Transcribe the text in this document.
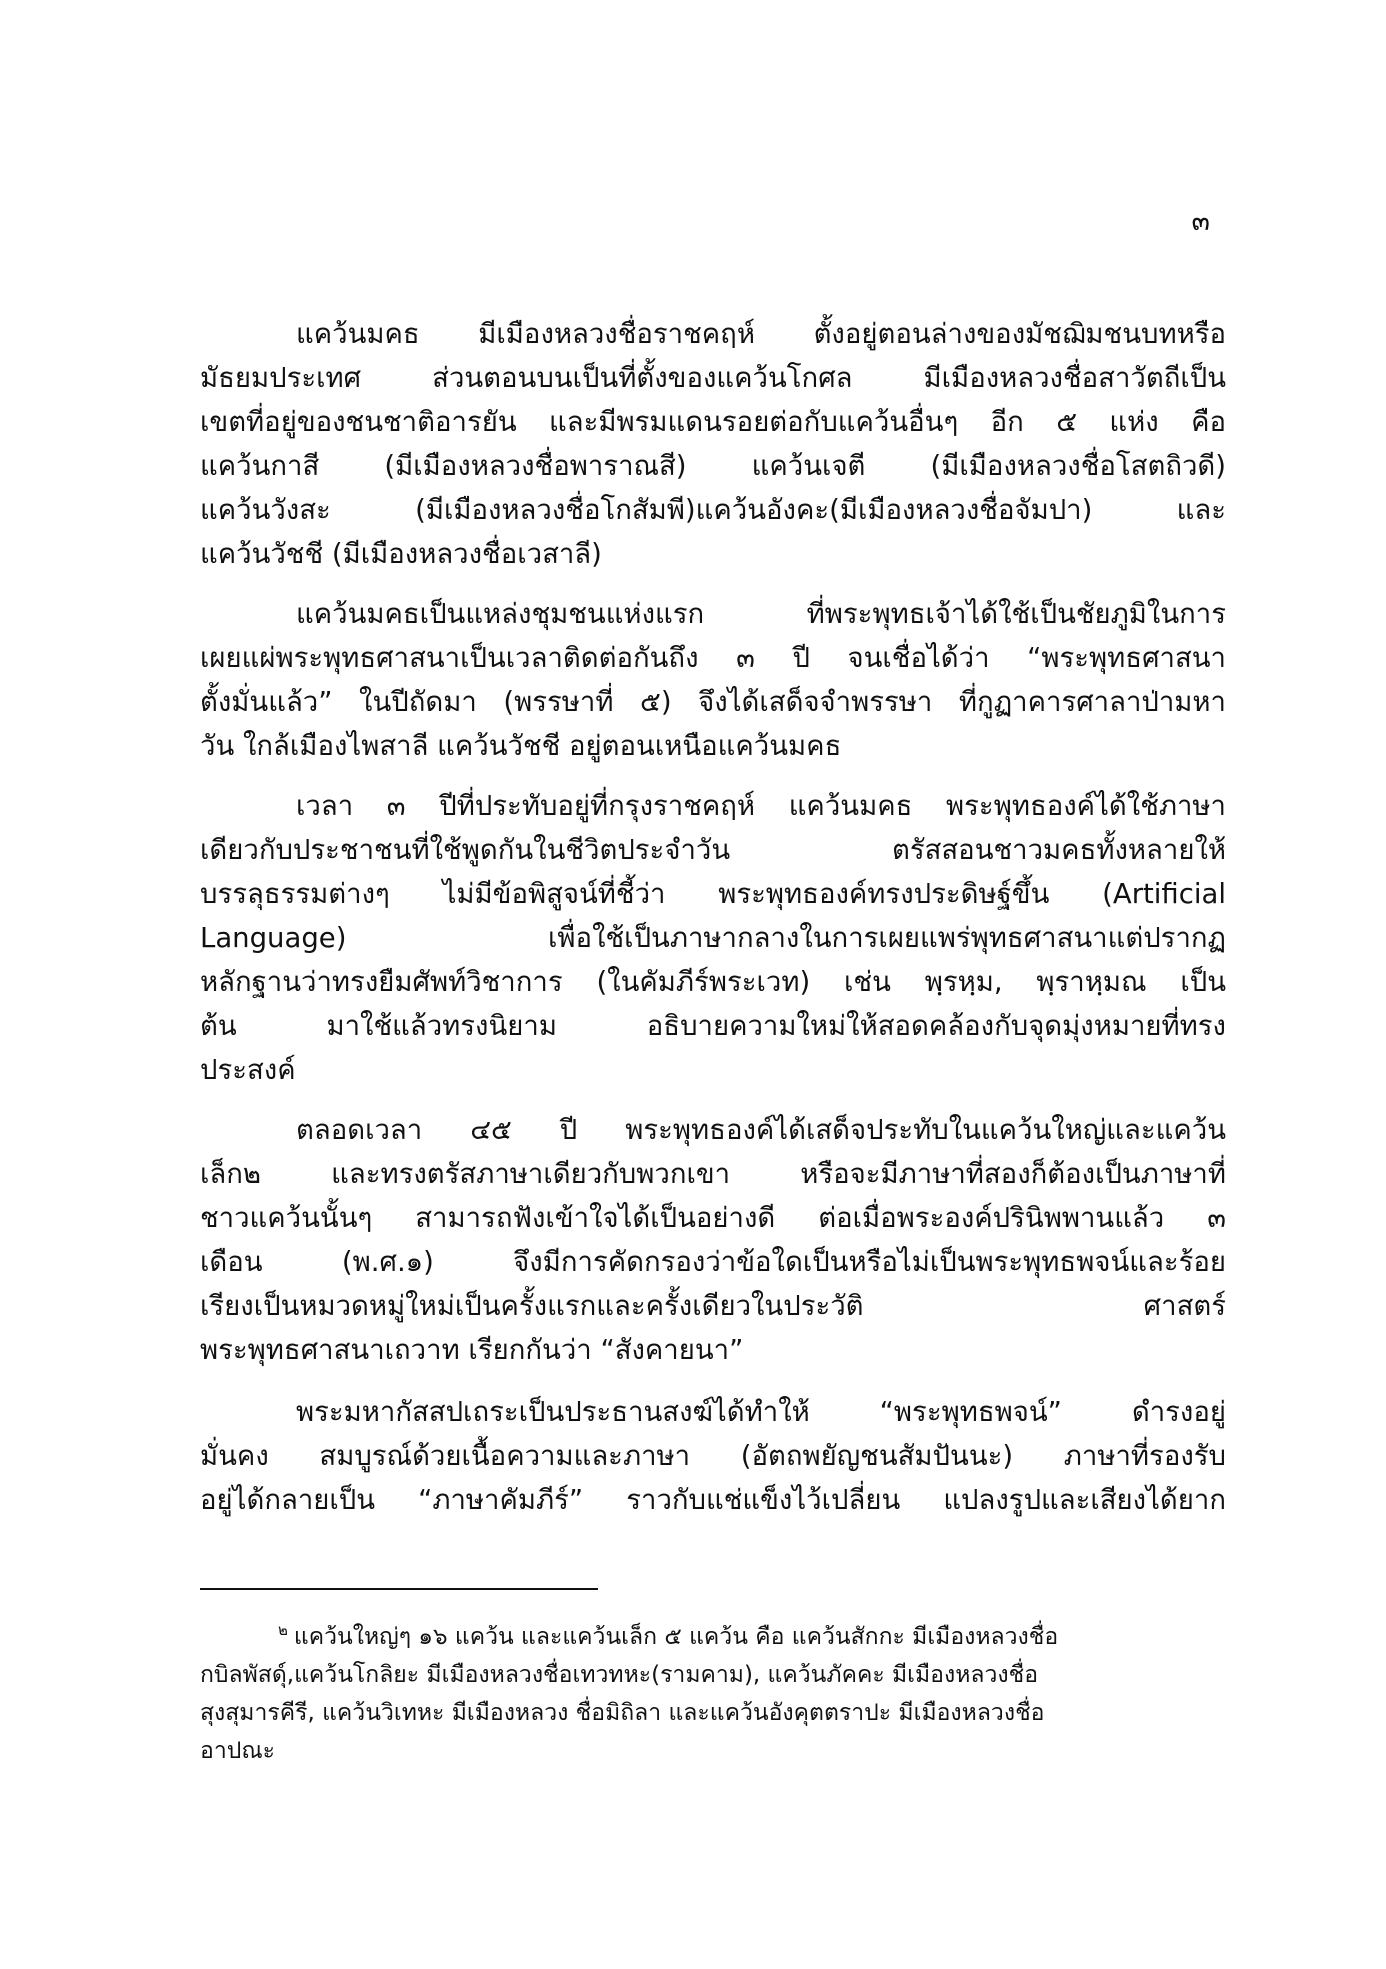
๓
แคว้นมคธ มีเมืองหลวงชื่อราชคฤห์ ตั้งอยู่ตอนล่างของมัชฌิมชนบทหรือ
มัธยมประเทศ ส่วนตอนบนเป็นที่ตั้งของแคว้นโกศล มีเมืองหลวงชื่อสาวัตถีเป็น
เขตที่อยู่ของชนชาติอารยัน และมีพรมแดนรอยต่อกับแคว้นอื่นๆ อีก ๕ แห่ง คือ
แคว้นกาสี (มีเมืองหลวงชื่อพาราณสี) แคว้นเจตี (มีเมืองหลวงชื่อโสตถิวดี)
แคว้นวังสะ (มีเมืองหลวงชื่อโกสัมพี)แคว้นอังคะ(มีเมืองหลวงชื่อจัมปา) และ
แคว้นวัชชี (มีเมืองหลวงชื่อเวสาลี)
แคว้นมคธเป็นแหล่งชุมชนแห่งแรก ที่พระพุทธเจ้าได้ใช้เป็นชัยภูมิในการ
เผยแผ่พระพุทธศาสนาเป็นเวลาติดต่อกันถึง ๓ ปี จนเชื่อได้ว่า “พระพุทธศาสนา
ตั้งมั่นแล้ว” ในปีถัดมา (พรรษาที่ ๕) จึงได้เสด็จจำพรรษา ที่กูฏาคารศาลาป่ามหา
วัน ใกล้เมืองไพสาลี แคว้นวัชชี อยู่ตอนเหนือแคว้นมคธ
เวลา ๓ ปีที่ประทับอยู่ที่กรุงราชคฤห์ แคว้นมคธ พระพุทธองค์ได้ใช้ภาษา
เดียวกับประชาชนที่ใช้พูดกันในชีวิตประจำวัน ตรัสสอนชาวมคธทั้งหลายให้
บรรลุธรรมต่างๆ ไม่มีข้อพิสูจน์ที่ชี้ว่า พระพุทธองค์ทรงประดิษฐ์ขึ้น (Artificial
Language) เพื่อใช้เป็นภาษากลางในการเผยแพร่พุทธศาสนาแต่ปรากฏ
หลักฐานว่าทรงยืมศัพท์วิชาการ (ในคัมภีร์พระเวท) เช่น พฺรหฺม, พฺราหฺมณ เป็น
ต้น มาใช้แล้วทรงนิยาม อธิบายความใหม่ให้สอดคล้องกับจุดมุ่งหมายที่ทรง
ประสงค์
ตลอดเวลา ๔๕ ปี พระพุทธองค์ได้เสด็จประทับในแคว้นใหญ่และแคว้น
เล็ก๒ และทรงตรัสภาษาเดียวกับพวกเขา หรือจะมีภาษาที่สองก็ต้องเป็นภาษาที่
ชาวแคว้นนั้นๆ สามารถฟังเข้าใจได้เป็นอย่างดี ต่อเมื่อพระองค์ปรินิพพานแล้ว ๓
เดือน (พ.ศ.๑) จึงมีการคัดกรองว่าข้อใดเป็นหรือไม่เป็นพระพุทธพจน์และร้อย
เรียงเป็นหมวดหมู่ใหม่เป็นครั้งแรกและครั้งเดียวในประวัติ ศาสตร์
พระพุทธศาสนาเถวาท เรียกกันว่า “สังคายนา”
พระมหากัสสปเถระเป็นประธานสงฆ์ได้ทำให้ “พระพุทธพจน์” ดำรงอยู่
มั่นคง สมบูรณ์ด้วยเนื้อความและภาษา (อัตถพยัญชนสัมปันนะ) ภาษาที่รองรับ
อยู่ได้กลายเป็น “ภาษาคัมภีร์” ราวกับแช่แข็งไว้เปลี่ยน แปลงรูปและเสียงได้ยาก
$^๒$ แคว้นใหญ่ๆ ๑๖ แคว้น และแคว้นเล็ก ๕ แคว้น คือ แคว้นสักกะ มีเมืองหลวงชื่อ
กบิลพัสดุ์,แคว้นโกลิยะ มีเมืองหลวงชื่อเทวทหะ(รามคาม), แคว้นภัคคะ มีเมืองหลวงชื่อ
สุงสุมารคีรี, แคว้นวิเทหะ มีเมืองหลวง ชื่อมิถิลา และแคว้นอังคุตตราปะ มีเมืองหลวงชื่อ
อาปณะ
